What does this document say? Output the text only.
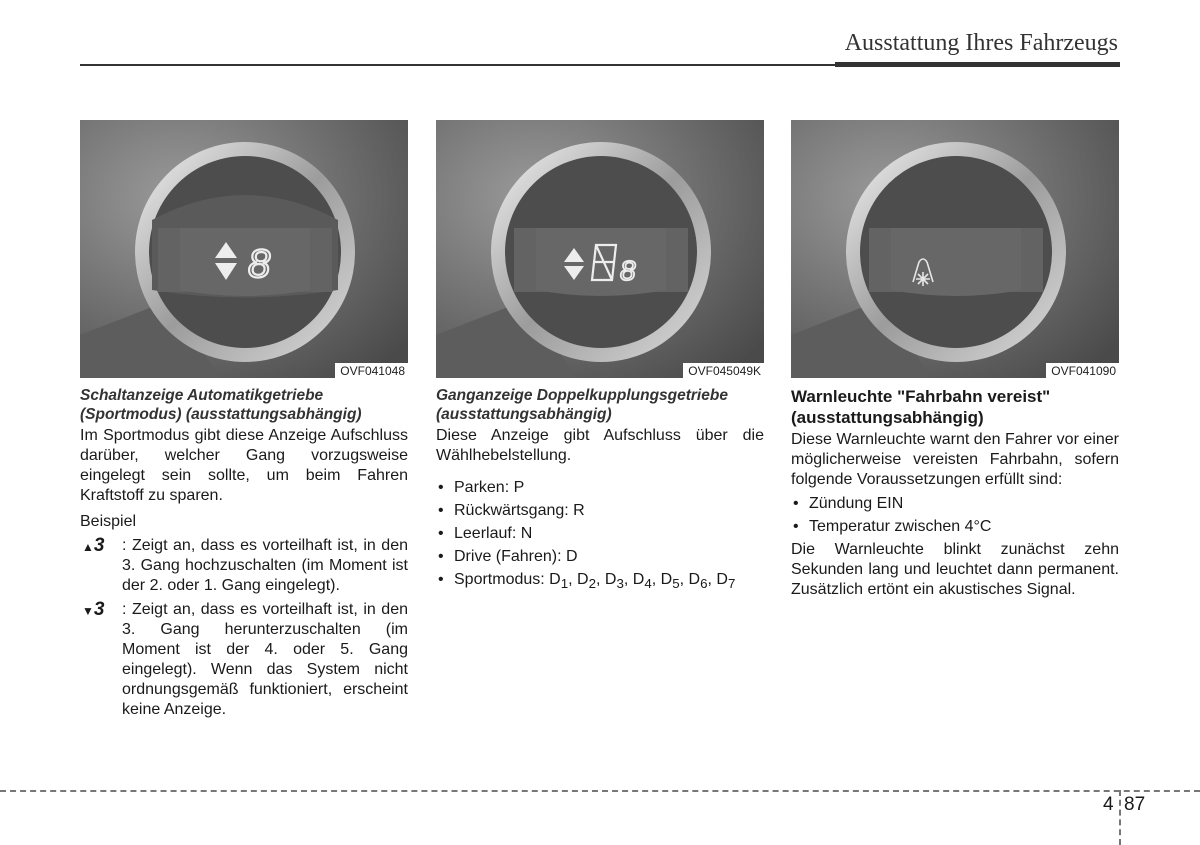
Ausstattung Ihres Fahrzeugs
8
OVF041048
Schaltanzeige Automatikgetriebe (Sportmodus) (ausstattungsabhängig)

Im Sportmodus gibt diese Anzeige Aufschluss darüber, welcher Gang vorzugsweise eingelegt sein sollte, um beim Fahren Kraftstoff zu sparen.

Beispiel
▲3	: Zeigt an, dass es vorteilhaft ist, in den 3. Gang hochzuschalten (im Moment ist der 2. oder 1. Gang eingelegt).
▼3	: Zeigt an, dass es vorteilhaft ist, in den 3. Gang herunterzuschalten (im Moment ist der 4. oder 5. Gang eingelegt). Wenn das System nicht ordnungsgemäß funktioniert, erscheint keine Anzeige.
8
OVF045049K
Ganganzeige Doppelkupplungsgetriebe (ausstattungsabhängig)

Diese Anzeige gibt Aufschluss über die Wählhebelstellung.

• Parken: P
• Rückwärtsgang: R
• Leerlauf: N
• Drive (Fahren): D
• Sportmodus: $D_1$, $D_2$, $D_3$, $D_4$, $D_5$, $D_6$, $D_7$
OVF041090
Warnleuchte "Fahrbahn vereist" (ausstattungsabhängig)

Diese Warnleuchte warnt den Fahrer vor einer möglicherweise vereisten Fahrbahn, sofern folgende Voraussetzungen erfüllt sind:

• Zündung EIN
• Temperatur zwischen 4°C

Die Warnleuchte blinkt zunächst zehn Sekunden lang und leuchtet dann permanent. Zusätzlich ertönt ein akustisches Signal.

4 87
